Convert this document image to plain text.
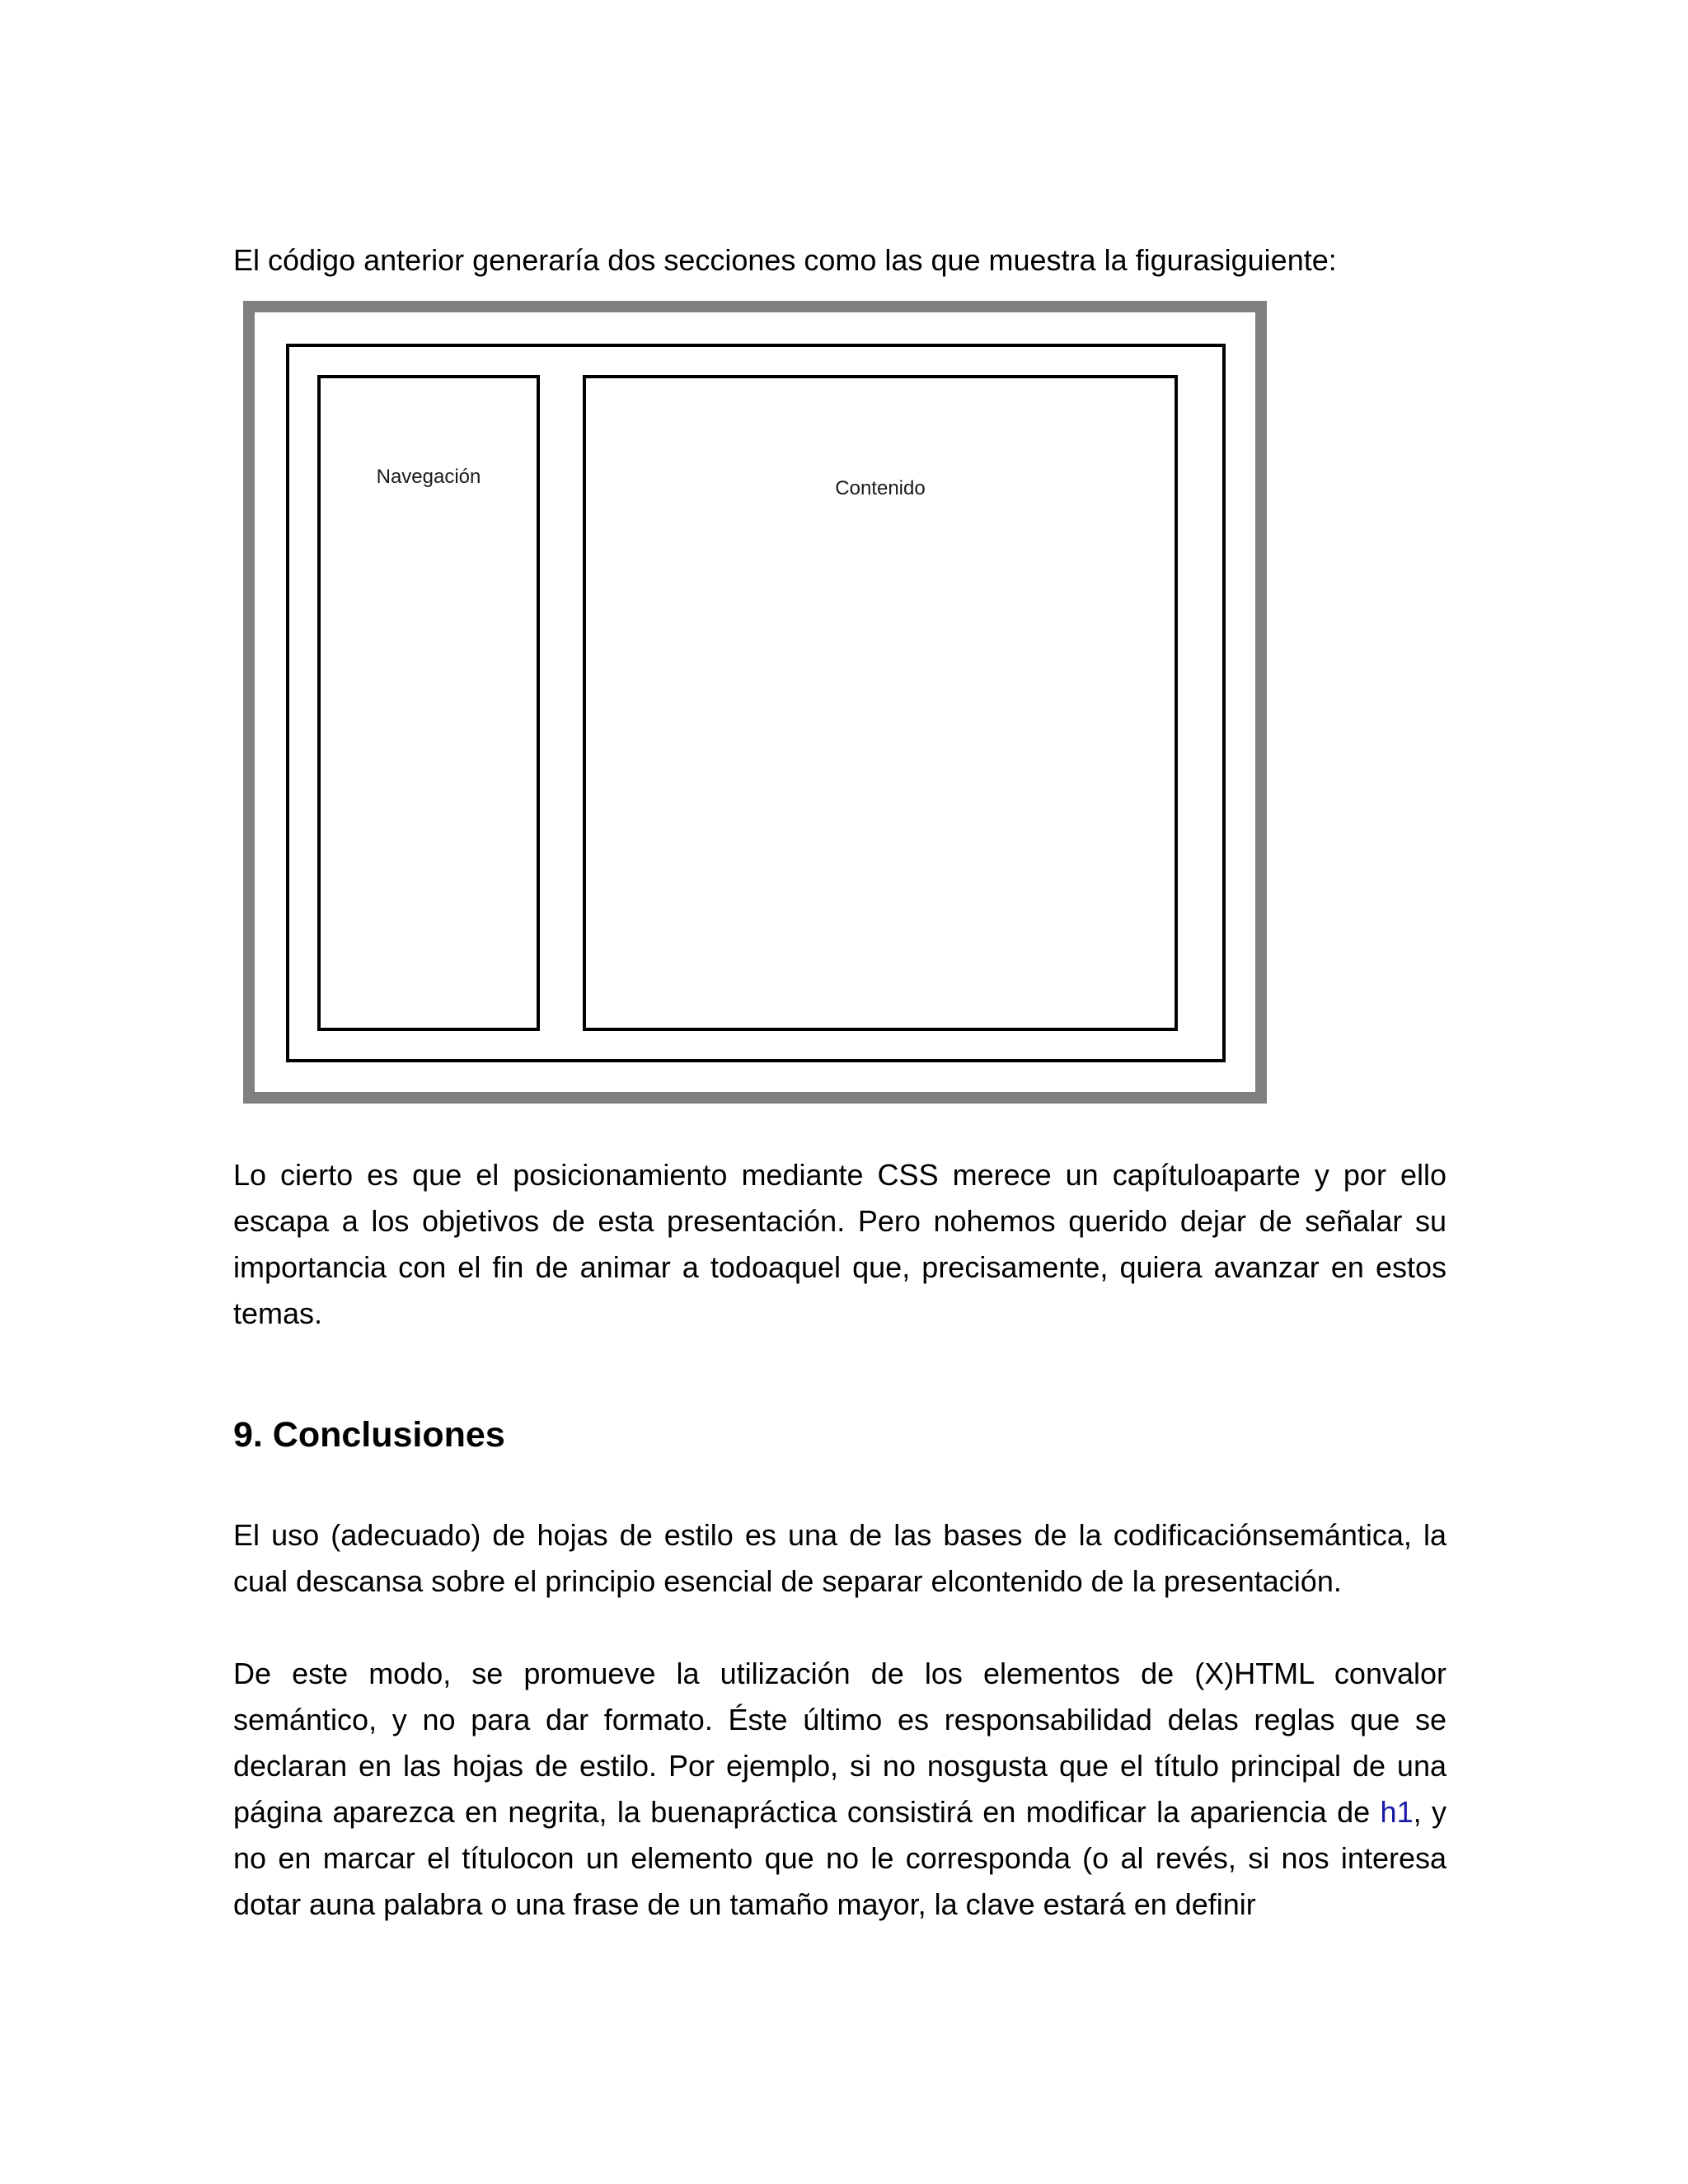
El código anterior generaría dos secciones como las que muestra la figurasiguiente:

Navegación
Contenido

Lo cierto es que el posicionamiento mediante CSS merece un capítuloaparte y por ello escapa a los objetivos de esta presentación. Pero nohemos querido dejar de señalar su importancia con el fin de animar a todoaquel que, precisamente, quiera avanzar en estos temas.

9. Conclusiones

El uso (adecuado) de hojas de estilo es una de las bases de la codificaciónsemántica, la cual descansa sobre el principio esencial de separar elcontenido de la presentación.

De este modo, se promueve la utilización de los elementos de (X)HTML convalor semántico, y no para dar formato. Éste último es responsabilidad delas reglas que se declaran en las hojas de estilo. Por ejemplo, si no nosgusta que el título principal de una página aparezca en negrita, la buenapráctica consistirá en modificar la apariencia de h1, y no en marcar el títulocon un elemento que no le corresponda (o al revés, si nos interesa dotar auna palabra o una frase de un tamaño mayor, la clave estará en definir
